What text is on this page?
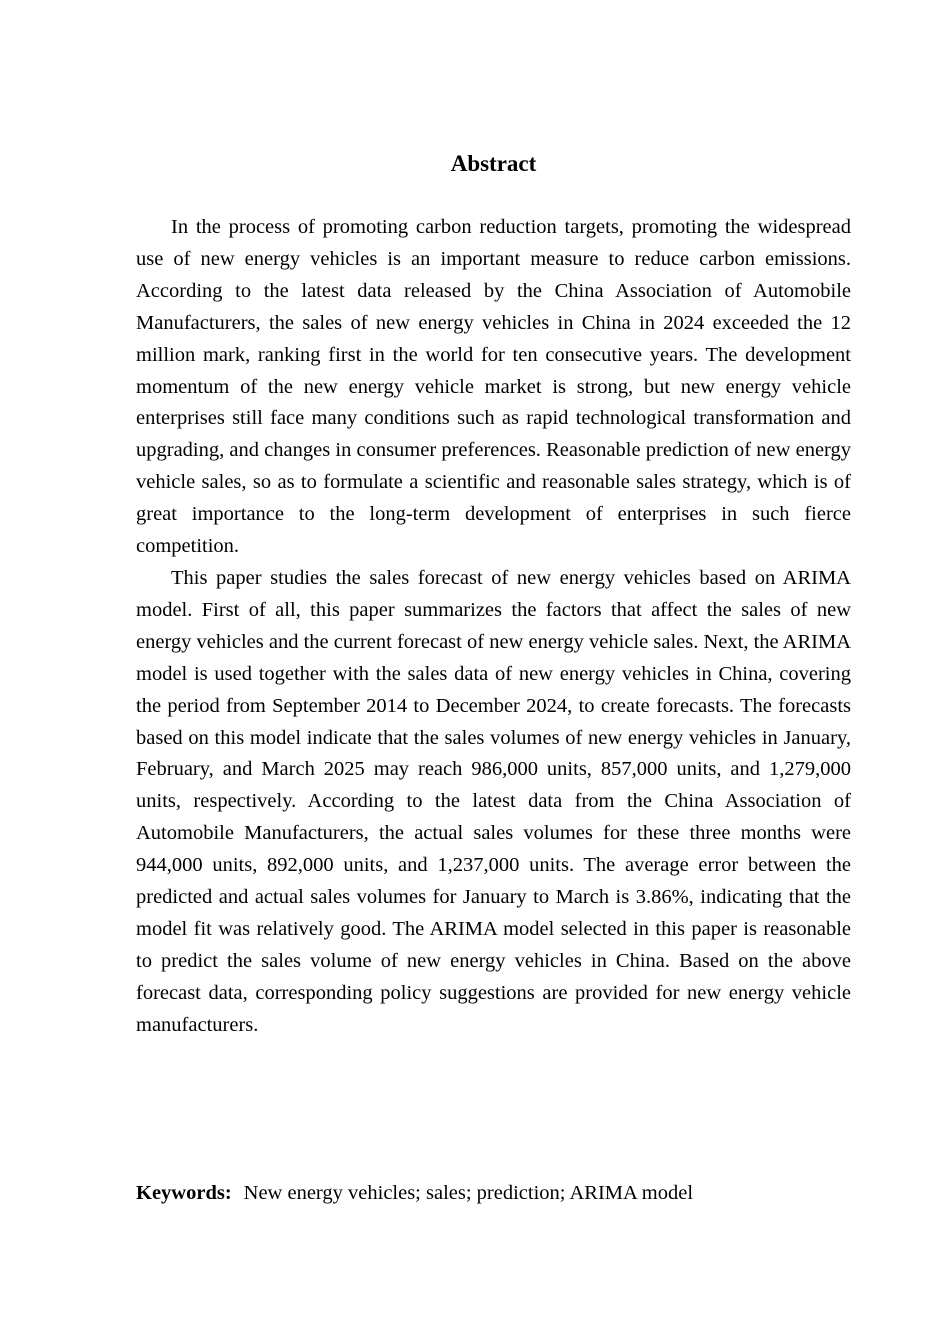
Abstract

In the process of promoting carbon reduction targets, promoting the widespread use of new energy vehicles is an important measure to reduce carbon emissions. According to the latest data released by the China Association of Automobile Manufacturers, the sales of new energy vehicles in China in 2024 exceeded the 12 million mark, ranking first in the world for ten consecutive years. The development momentum of the new energy vehicle market is strong, but new energy vehicle enterprises still face many conditions such as rapid technological transformation and upgrading, and changes in consumer preferences. Reasonable prediction of new energy vehicle sales, so as to formulate a scientific and reasonable sales strategy, which is of great importance to the long-term development of enterprises in such fierce competition.

This paper studies the sales forecast of new energy vehicles based on ARIMA model. First of all, this paper summarizes the factors that affect the sales of new energy vehicles and the current forecast of new energy vehicle sales. Next, the ARIMA model is used together with the sales data of new energy vehicles in China, covering the period from September 2014 to December 2024, to create forecasts. The forecasts based on this model indicate that the sales volumes of new energy vehicles in January, February, and March 2025 may reach 986,000 units, 857,000 units, and 1,279,000 units, respectively. According to the latest data from the China Association of Automobile Manufacturers, the actual sales volumes for these three months were 944,000 units, 892,000 units, and 1,237,000 units. The average error between the predicted and actual sales volumes for January to March is 3.86%, indicating that the model fit was relatively good. The ARIMA model selected in this paper is reasonable to predict the sales volume of new energy vehicles in China. Based on the above forecast data, corresponding policy suggestions are provided for new energy vehicle manufacturers.

Keywords: New energy vehicles; sales; prediction; ARIMA model
